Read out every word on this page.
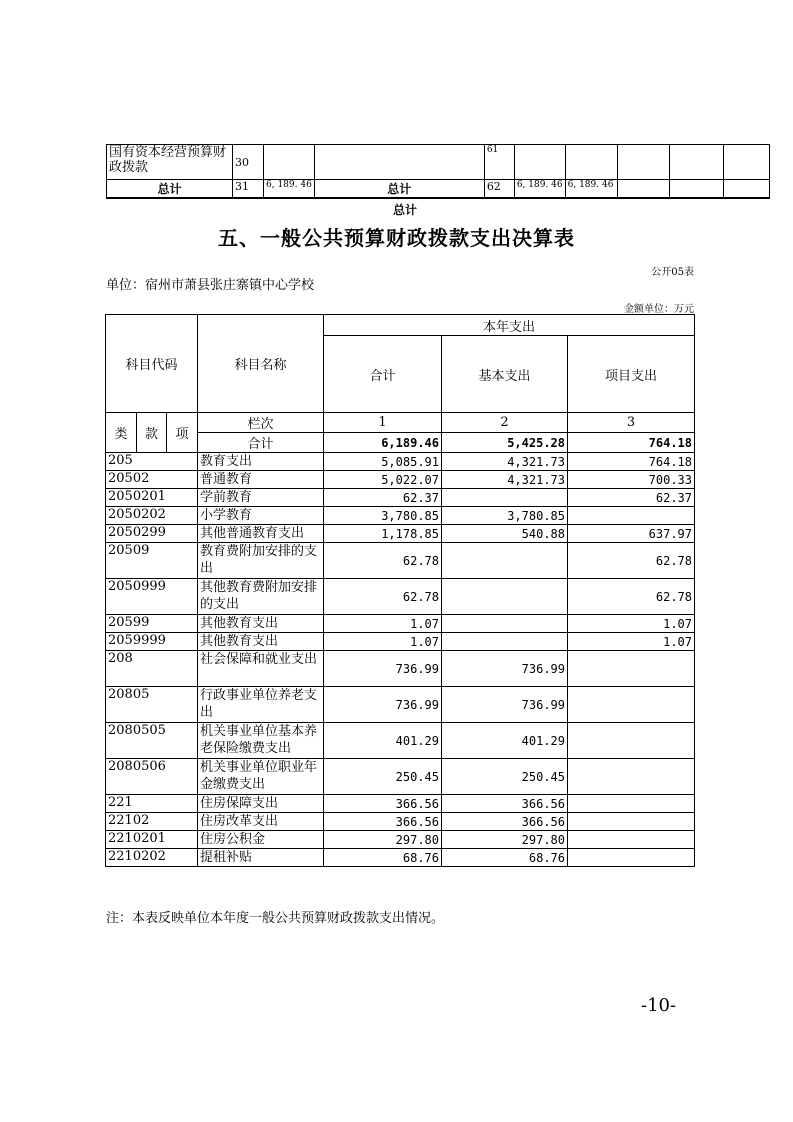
国有资本经营预算财政拨款	30			61					
总计	31	6, 189. 46	总计	62	6, 189. 46	6, 189. 46			
总计
五、一般公共预算财政拨款支出决算表
公开05表
单位：宿州市萧县张庄寨镇中心学校
金额单位：万元
科目代码			科目名称	本年支出		
				合计	基本支出	项目支出

类	款	项	栏次	1	2	3
			合计	6,189.46	5,425.28	764.18
205			教育支出	5,085.91	4,321.73	764.18
20502			普通教育	5,022.07	4,321.73	700.33
2050201			学前教育	62.37		62.37
2050202			小学教育	3,780.85	3,780.85	
2050299			其他普通教育支出	1,178.85	540.88	637.97
20509			教育费附加安排的支出	62.78		62.78
2050999			其他教育费附加安排的支出	62.78		62.78
20599			其他教育支出	1.07		1.07
2059999			其他教育支出	1.07		1.07
208			社会保障和就业支出	736.99	736.99	
20805			行政事业单位养老支出	736.99	736.99	
2080505			机关事业单位基本养老保险缴费支出	401.29	401.29	
2080506			机关事业单位职业年金缴费支出	250.45	250.45	
221			住房保障支出	366.56	366.56	
22102			住房改革支出	366.56	366.56	
2210201			住房公积金	297.80	297.80	
2210202			提租补贴	68.76	68.76	
注：本表反映单位本年度一般公共预算财政拨款支出情况。
-10-
